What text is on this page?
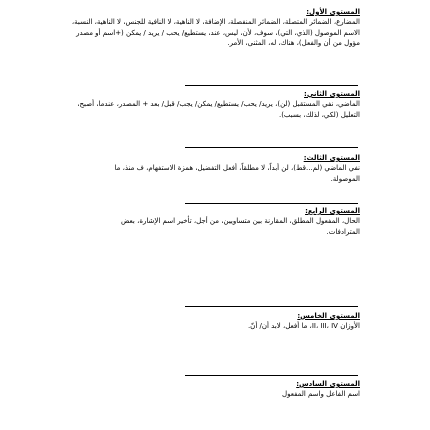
المستوى الأول:
المضارع، الضمائر المتصلة، الضمائر المنفصلة، الإضافة، لا الناهية، لا النافية للجنس، لا الناهية، النسبة، الاسم الموصول (الذي، التي)، سوف، لأن، ليس، عند، يستطيع/ يحب / يريد / يمكن (+اسم أو مصدر مؤول من أن والفعل)، هناك، له، المثنى، الأمر.
المستوى الثاني:
الماضي، نفي المستقبل (لن)، يريد/ يحب/ يستطيع/ يمكن/ يجب/ قبل/ بعد + المصدر، عندما، أصبح، التعليل (لكي، لذلك، بسبب).
المستوى الثالث:
نفي الماضي (لم...قط)، لن أبداً، لا مطلقاً، أفعل التفضيل، همزة الاستفهام، ف منذ، ما الموصولة.
المستوى الرابع:
الحال، المفعول المطلق، المقارنة بين متساويين، من أجل، تأخير اسم الإشارة، بعض المترادفات.
المستوى الخامس:
الأوزان II، III، IV، ما أفعل، لابد أن/ أنّ.
المستوى السادس:
اسم الفاعل واسم المفعول
